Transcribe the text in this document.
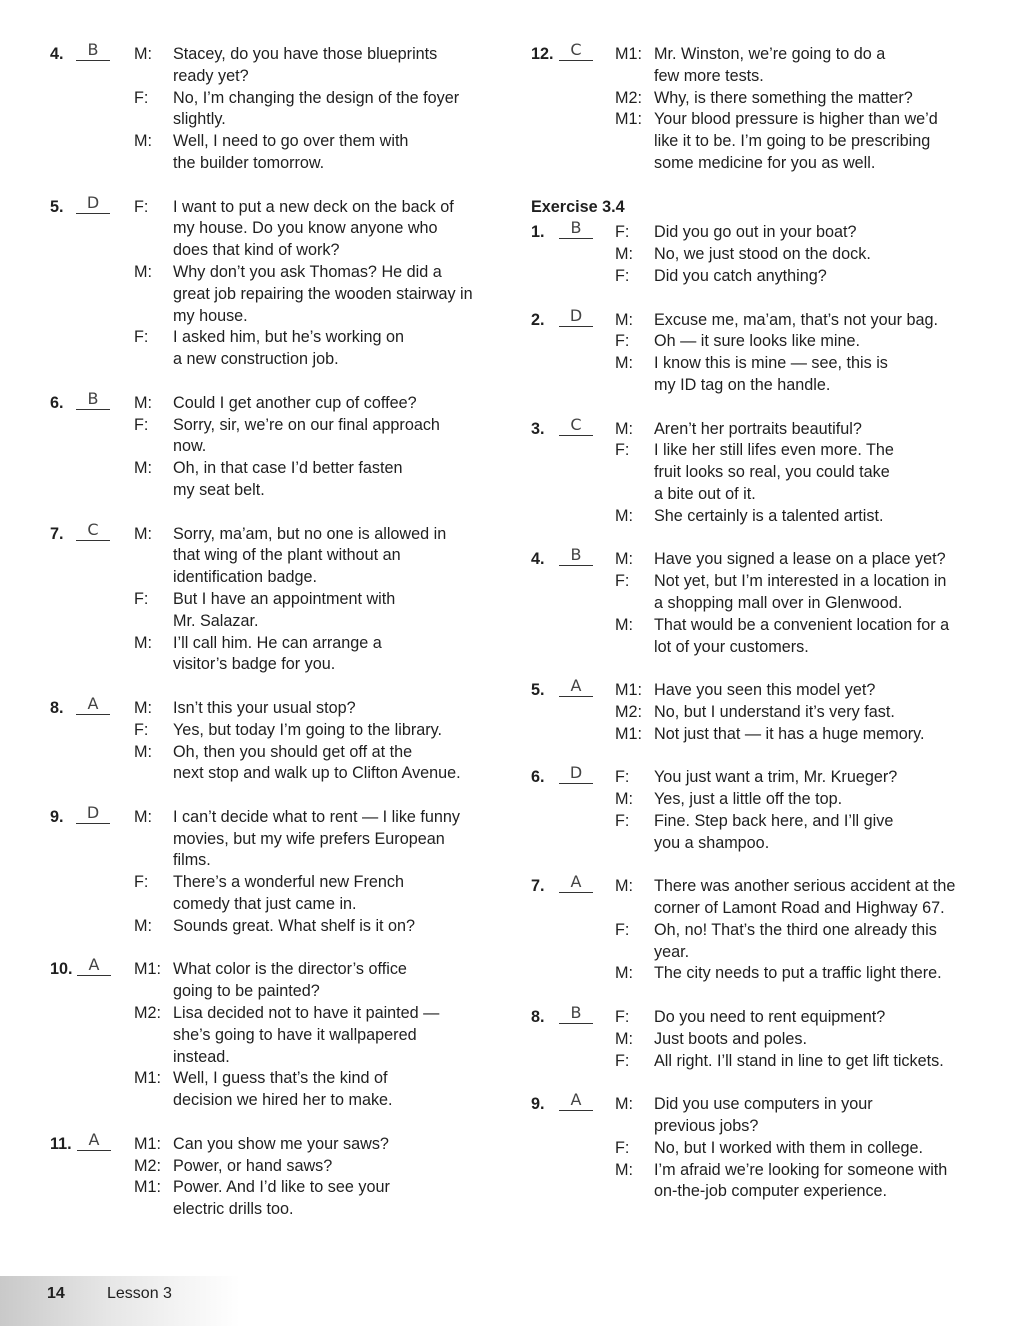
4.	B	M: Stacey, do you have those blueprints
ready yet?
F: No, I’m changing the design of the foyer
slightly.
M: Well, I need to go over them with
the builder tomorrow.
5.	D	F: I want to put a new deck on the back of
my house. Do you know anyone who
does that kind of work?
M: Why don’t you ask Thomas? He did a
great job repairing the wooden stairway in
my house.
F: I asked him, but he’s working on
a new construction job.
6.	B	M: Could I get another cup of coffee?
F: Sorry, sir, we’re on our final approach
now.
M: Oh, in that case I’d better fasten
my seat belt.
7.	C	M: Sorry, ma’am, but no one is allowed in
that wing of the plant without an
identification badge.
F: But I have an appointment with
Mr. Salazar.
M: I’ll call him. He can arrange a
visitor’s badge for you.
8.	A	M: Isn’t this your usual stop?
F: Yes, but today I’m going to the library.
M: Oh, then you should get off at the
next stop and walk up to Clifton Avenue.
9.	D	M: I can’t decide what to rent — I like funny
movies, but my wife prefers European
films.
F: There’s a wonderful new French
comedy that just came in.
M: Sounds great. What shelf is it on?
10.	A	M1: What color is the director’s office
going to be painted?
M2: Lisa decided not to have it painted —
she’s going to have it wallpapered
instead.
M1: Well, I guess that’s the kind of
decision we hired her to make.
11.	A	M1: Can you show me your saws?
M2: Power, or hand saws?
M1: Power. And I’d like to see your
electric drills too.
12.	C	M1: Mr. Winston, we’re going to do a
few more tests.
M2: Why, is there something the matter?
M1: Your blood pressure is higher than we’d
like it to be. I’m going to be prescribing
some medicine for you as well.
Exercise 3.4
1.	B	F: Did you go out in your boat?
M: No, we just stood on the dock.
F: Did you catch anything?
2.	D	M: Excuse me, ma’am, that’s not your bag.
F: Oh — it sure looks like mine.
M: I know this is mine — see, this is
my ID tag on the handle.
3.	C	M: Aren’t her portraits beautiful?
F: I like her still lifes even more. The
fruit looks so real, you could take
a bite out of it.
M: She certainly is a talented artist.
4.	B	M: Have you signed a lease on a place yet?
F: Not yet, but I’m interested in a location in
a shopping mall over in Glenwood.
M: That would be a convenient location for a
lot of your customers.
5.	A	M1: Have you seen this model yet?
M2: No, but I understand it’s very fast.
M1: Not just that — it has a huge memory.
6.	D	F: You just want a trim, Mr. Krueger?
M: Yes, just a little off the top.
F: Fine. Step back here, and I’ll give
you a shampoo.
7.	A	M: There was another serious accident at the
corner of Lamont Road and Highway 67.
F: Oh, no! That’s the third one already this
year.
M: The city needs to put a traffic light there.
8.	B	F: Do you need to rent equipment?
M: Just boots and poles.
F: All right. I’ll stand in line to get lift tickets.
9.	A	M: Did you use computers in your
previous jobs?
F: No, but I worked with them in college.
M: I’m afraid we’re looking for someone with
on-the-job computer experience.
14	Lesson 3
